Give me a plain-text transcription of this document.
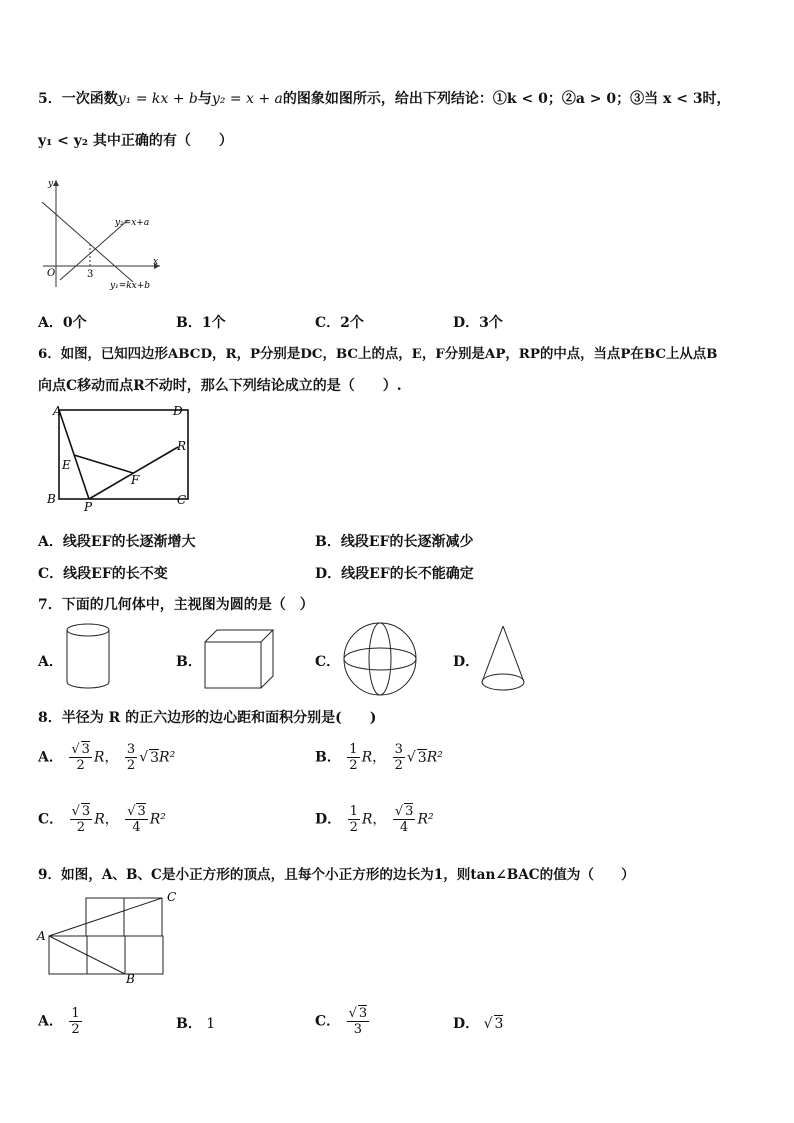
5．一次函数y₁ = kx + b与y₂ = x + a的图象如图所示，给出下列结论：①k < 0；②a > 0；③当 x < 3时，
y₁ < y₂ 其中正确的有（　　）
y
x
O	3
y₂=x+a
y₁=kx+b
A．0个	B．1个	C．2个	D．3个
6．如图，已知四边形ABCD，R，P分别是DC，BC上的点，E，F分别是AP，RP的中点，当点P在BC上从点B
向点C移动而点R不动时，那么下列结论成立的是（　　）.
A	D
R
E
F
B	C
P
A．线段EF的长逐渐增大	B．线段EF的长逐渐减少
C．线段EF的长不变	D．线段EF的长不能确定
7．下面的几何体中，主视图为圆的是（　）
A．	B．	C．	D．
8．半径为 R 的正六边形的边心距和面积分别是(　　)
A． $\frac{√ 3}{2}$ R， $\frac{3}{2}$ √ 3R²	B． $\frac{1}{2}$ R， $\frac{3}{2}$ √ 3R²
C． $\frac{√ 3}{2}$ R， $\frac{√ 3}{4} R^2$	D． $\frac{1}{2}$ R， $\frac{√ 3}{4} R^2$
9．如图，A、B、C是小正方形的顶点，且每个小正方形的边长为1，则tan∠BAC的值为（　　）
A
B
C
A． $\frac{1}{2}$	B． 1	C． $\frac{√ 3}{3}$	D． √ 3
